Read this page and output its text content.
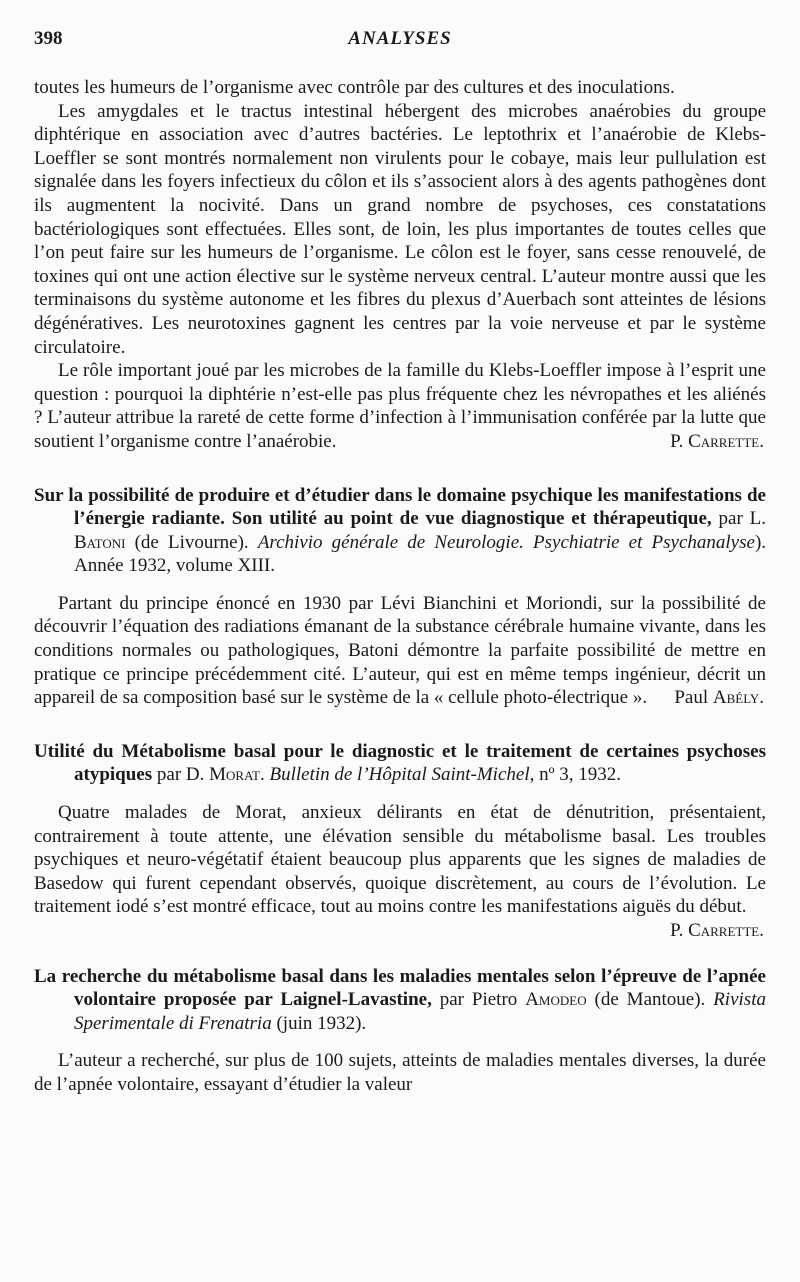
398	ANALYSES

toutes les humeurs de l’organisme avec contrôle par des cultures et des inoculations.

Les amygdales et le tractus intestinal hébergent des microbes anaérobies du groupe diphtérique en association avec d’autres bactéries. Le leptothrix et l’anaérobie de Klebs-Loeffler se sont montrés normalement non virulents pour le cobaye, mais leur pullulation est signalée dans les foyers infectieux du côlon et ils s’associent alors à des agents pathogènes dont ils augmentent la nocivité. Dans un grand nombre de psychoses, ces constatations bactériologiques sont effectuées. Elles sont, de loin, les plus importantes de toutes celles que l’on peut faire sur les humeurs de l’organisme. Le côlon est le foyer, sans cesse renouvelé, de toxines qui ont une action élective sur le système nerveux central. L’auteur montre aussi que les terminaisons du système autonome et les fibres du plexus d’Auerbach sont atteintes de lésions dégénératives. Les neurotoxines gagnent les centres par la voie nerveuse et par le système circulatoire.

Le rôle important joué par les microbes de la famille du Klebs-Loeffler impose à l’esprit une question : pourquoi la diphtérie n’est-elle pas plus fréquente chez les névropathes et les aliénés ? L’auteur attribue la rareté de cette forme d’infection à l’immunisation conférée par la lutte que soutient l’organisme contre l’anaérobie.	P. Carrette.

Sur la possibilité de produire et d’étudier dans le domaine psychique les manifestations de l’énergie radiante. Son utilité au point de vue diagnostique et thérapeutique, par L. Batoni (de Livourne). Archivio générale de Neurologie. Psychiatrie et Psychanalyse). Année 1932, volume XIII.

Partant du principe énoncé en 1930 par Lévi Bianchini et Moriondi, sur la possibilité de découvrir l’équation des radiations émanant de la substance cérébrale humaine vivante, dans les conditions normales ou pathologiques, Batoni démontre la parfaite possibilité de mettre en pratique ce principe précédemment cité. L’auteur, qui est en même temps ingénieur, décrit un appareil de sa composition basé sur le système de la « cellule photo-électrique ».	Paul Abély.

Utilité du Métabolisme basal pour le diagnostic et le traitement de certaines psychoses atypiques par D. Morat. Bulletin de l’Hôpital Saint-Michel, nº 3, 1932.

Quatre malades de Morat, anxieux délirants en état de dénutrition, présentaient, contrairement à toute attente, une élévation sensible du métabolisme basal. Les troubles psychiques et neuro-végétatif étaient beaucoup plus apparents que les signes de maladies de Basedow qui furent cependant observés, quoique discrètement, au cours de l’évolution. Le traitement iodé s’est montré efficace, tout au moins contre les manifestations aiguës du début.

P. Carrette.

La recherche du métabolisme basal dans les maladies mentales selon l’épreuve de l’apnée volontaire proposée par Laignel-Lavastine, par Pietro Amodeo (de Mantoue). Rivista Sperimentale di Frenatria (juin 1932).

L’auteur a recherché, sur plus de 100 sujets, atteints de maladies mentales diverses, la durée de l’apnée volontaire, essayant d’étudier la valeur
